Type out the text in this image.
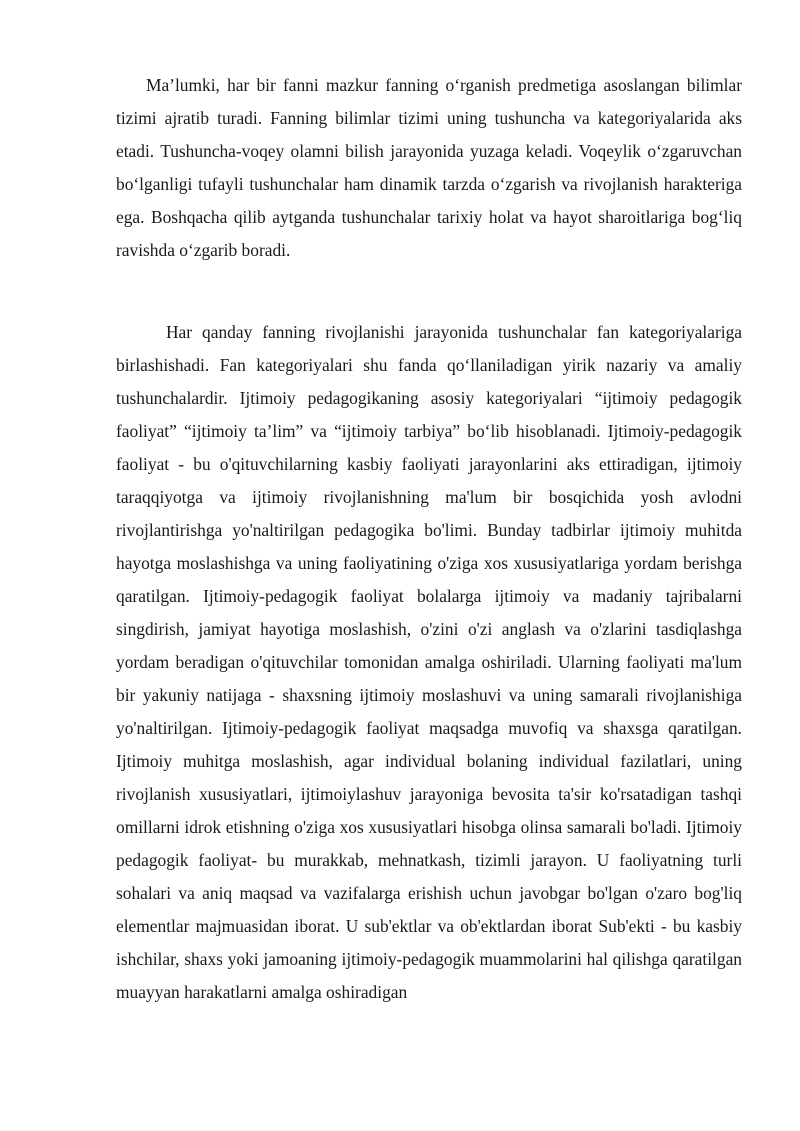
Ma’lumki, har bir fanni mazkur fanning o‘rganish predmetiga asoslangan bilimlar tizimi ajratib turadi. Fanning bilimlar tizimi uning tushuncha va kategoriyalarida aks etadi. Tushuncha-voqey olamni bilish jarayonida yuzaga keladi. Voqeylik o‘zgaruvchan bo‘lganligi tufayli tushunchalar ham dinamik tarzda o‘zgarish va rivojlanish harakteriga ega. Boshqacha qilib aytganda tushunchalar tarixiy holat va hayot sharoitlariga bog‘liq ravishda o‘zgarib boradi.

Har qanday fanning rivojlanishi jarayonida tushunchalar fan kategoriyalariga birlashishadi. Fan kategoriyalari shu fanda qo‘llaniladigan yirik nazariy va amaliy tushunchalardir. Ijtimoiy pedagogikaning asosiy kategoriyalari “ijtimoiy pedagogik faoliyat” “ijtimoiy ta’lim” va “ijtimoiy tarbiya” bo‘lib hisoblanadi. Ijtimoiy-pedagogik faoliyat - bu o'qituvchilarning kasbiy faoliyati jarayonlarini aks ettiradigan, ijtimoiy taraqqiyotga va ijtimoiy rivojlanishning ma'lum bir bosqichida yosh avlodni rivojlantirishga yo'naltirilgan pedagogika bo'limi. Bunday tadbirlar ijtimoiy muhitda hayotga moslashishga va uning faoliyatining o'ziga xos xususiyatlariga yordam berishga qaratilgan. Ijtimoiy-pedagogik faoliyat bolalarga ijtimoiy va madaniy tajribalarni singdirish, jamiyat hayotiga moslashish, o'zini o'zi anglash va o'zlarini tasdiqlashga yordam beradigan o'qituvchilar tomonidan amalga oshiriladi. Ularning faoliyati ma'lum bir yakuniy natijaga - shaxsning ijtimoiy moslashuvi va uning samarali rivojlanishiga yo'naltirilgan. Ijtimoiy-pedagogik faoliyat maqsadga muvofiq va shaxsga qaratilgan. Ijtimoiy muhitga moslashish, agar individual bolaning individual fazilatlari, uning rivojlanish xususiyatlari, ijtimoiylashuv jarayoniga bevosita ta'sir ko'rsatadigan tashqi omillarni idrok etishning o'ziga xos xususiyatlari hisobga olinsa samarali bo'ladi. Ijtimoiy pedagogik faoliyat- bu murakkab, mehnatkash, tizimli jarayon. U faoliyatning turli sohalari va aniq maqsad va vazifalarga erishish uchun javobgar bo'lgan o'zaro bog'liq elementlar majmuasidan iborat. U sub'ektlar va ob'ektlardan iborat Sub'ekti - bu kasbiy ishchilar, shaxs yoki jamoaning ijtimoiy-pedagogik muammolarini hal qilishga qaratilgan muayyan harakatlarni amalga oshiradigan
